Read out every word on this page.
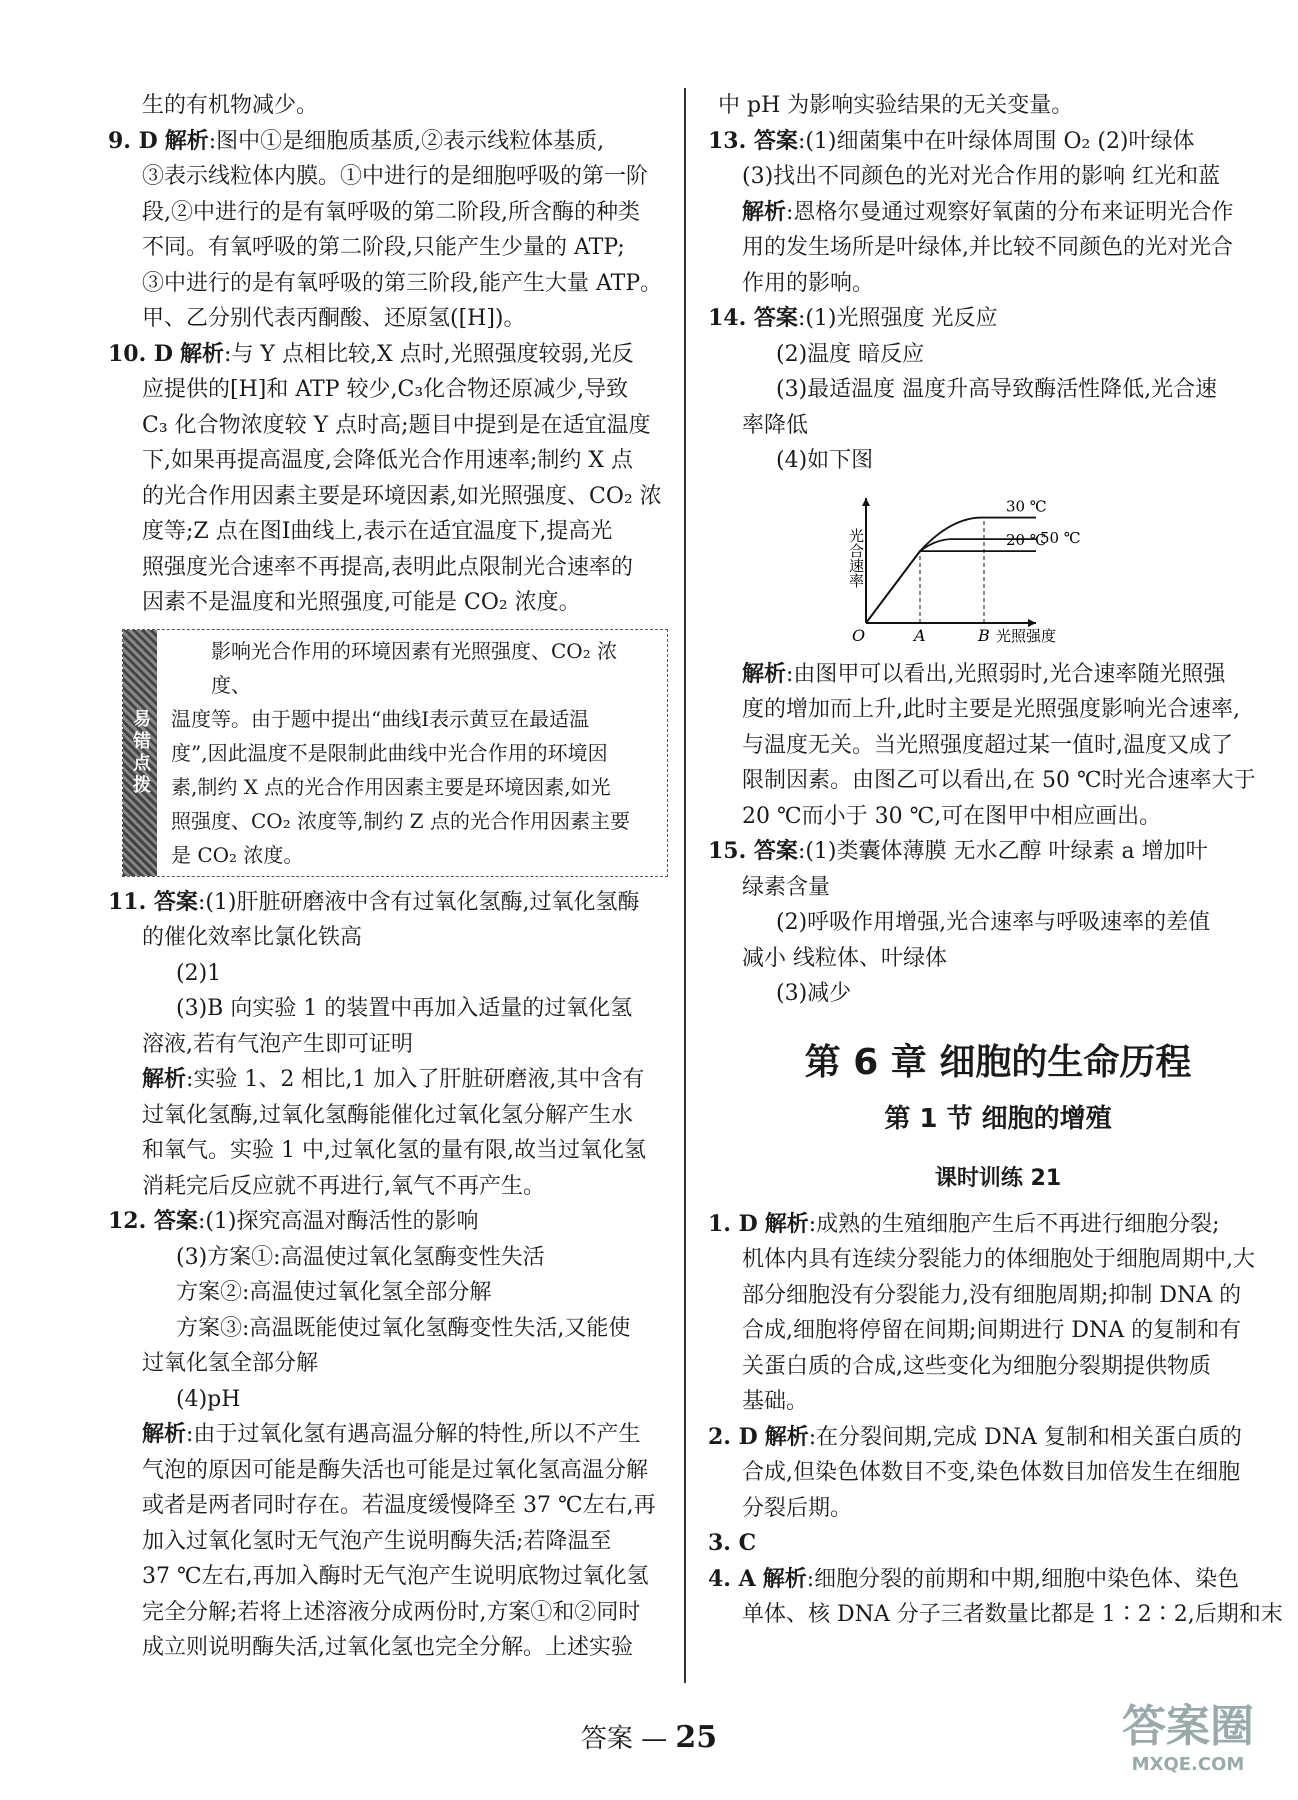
生的有机物减少。

9. D 解析:图中①是细胞质基质,②表示线粒体基质,

③表示线粒体内膜。①中进行的是细胞呼吸的第一阶

段,②中进行的是有氧呼吸的第二阶段,所含酶的种类

不同。有氧呼吸的第二阶段,只能产生少量的 ATP;

③中进行的是有氧呼吸的第三阶段,能产生大量 ATP。

甲、乙分别代表丙酮酸、还原氢([H])。

10. D 解析:与 Y 点相比较,X 点时,光照强度较弱,光反

应提供的[H]和 ATP 较少,C₃化合物还原减少,导致

C₃ 化合物浓度较 Y 点时高;题目中提到是在适宜温度

下,如果再提高温度,会降低光合作用速率;制约 X 点

的光合作用因素主要是环境因素,如光照强度、CO₂ 浓

度等;Z 点在图Ⅰ曲线上,表示在适宜温度下,提高光

照强度光合速率不再提高,表明此点限制光合速率的

因素不是温度和光照强度,可能是 CO₂ 浓度。

易错点拨

影响光合作用的环境因素有光照强度、CO₂ 浓度、

温度等。由于题中提出“曲线Ⅰ表示黄豆在最适温

度”,因此温度不是限制此曲线中光合作用的环境因

素,制约 X 点的光合作用因素主要是环境因素,如光

照强度、CO₂ 浓度等,制约 Z 点的光合作用因素主要

是 CO₂ 浓度。

11. 答案:(1)肝脏研磨液中含有过氧化氢酶,过氧化氢酶

的催化效率比氯化铁高

(2)1

(3)B 向实验 1 的装置中再加入适量的过氧化氢

溶液,若有气泡产生即可证明

解析:实验 1、2 相比,1 加入了肝脏研磨液,其中含有

过氧化氢酶,过氧化氢酶能催化过氧化氢分解产生水

和氧气。实验 1 中,过氧化氢的量有限,故当过氧化氢

消耗完后反应就不再进行,氧气不再产生。

12. 答案:(1)探究高温对酶活性的影响

(3)方案①:高温使过氧化氢酶变性失活

方案②:高温使过氧化氢全部分解

方案③:高温既能使过氧化氢酶变性失活,又能使

过氧化氢全部分解

(4)pH

解析:由于过氧化氢有遇高温分解的特性,所以不产生

气泡的原因可能是酶失活也可能是过氧化氢高温分解

或者是两者同时存在。若温度缓慢降至 37 ℃左右,再

加入过氧化氢时无气泡产生说明酶失活;若降温至

37 ℃左右,再加入酶时无气泡产生说明底物过氧化氢

完全分解;若将上述溶液分成两份时,方案①和②同时

成立则说明酶失活,过氧化氢也完全分解。上述实验

中 pH 为影响实验结果的无关变量。

13. 答案:(1)细菌集中在叶绿体周围 O₂ (2)叶绿体

(3)找出不同颜色的光对光合作用的影响 红光和蓝

解析:恩格尔曼通过观察好氧菌的分布来证明光合作

用的发生场所是叶绿体,并比较不同颜色的光对光合

作用的影响。

14. 答案:(1)光照强度 光反应

(2)温度 暗反应

(3)最适温度 温度升高导致酶活性降低,光合速

率降低

(4)如下图

O
光合速率
A	B 光照强度
30 ℃
50 ℃
20 ℃

解析:由图甲可以看出,光照弱时,光合速率随光照强

度的增加而上升,此时主要是光照强度影响光合速率,

与温度无关。当光照强度超过某一值时,温度又成了

限制因素。由图乙可以看出,在 50 ℃时光合速率大于

20 ℃而小于 30 ℃,可在图甲中相应画出。

15. 答案:(1)类囊体薄膜 无水乙醇 叶绿素 a 增加叶

绿素含量

(2)呼吸作用增强,光合速率与呼吸速率的差值

减小 线粒体、叶绿体

(3)减少

第 6 章 细胞的生命历程
第 1 节 细胞的增殖
课时训练 21

1. D 解析:成熟的生殖细胞产生后不再进行细胞分裂;

机体内具有连续分裂能力的体细胞处于细胞周期中,大

部分细胞没有分裂能力,没有细胞周期;抑制 DNA 的

合成,细胞将停留在间期;间期进行 DNA 的复制和有

关蛋白质的合成,这些变化为细胞分裂期提供物质

基础。

2. D 解析:在分裂间期,完成 DNA 复制和相关蛋白质的

合成,但染色体数目不变,染色体数目加倍发生在细胞

分裂后期。

3. C

4. A 解析:细胞分裂的前期和中期,细胞中染色体、染色

单体、核 DNA 分子三者数量比都是 1∶2∶2,后期和末

答案 — 25	答案圈
MXQE.COM
